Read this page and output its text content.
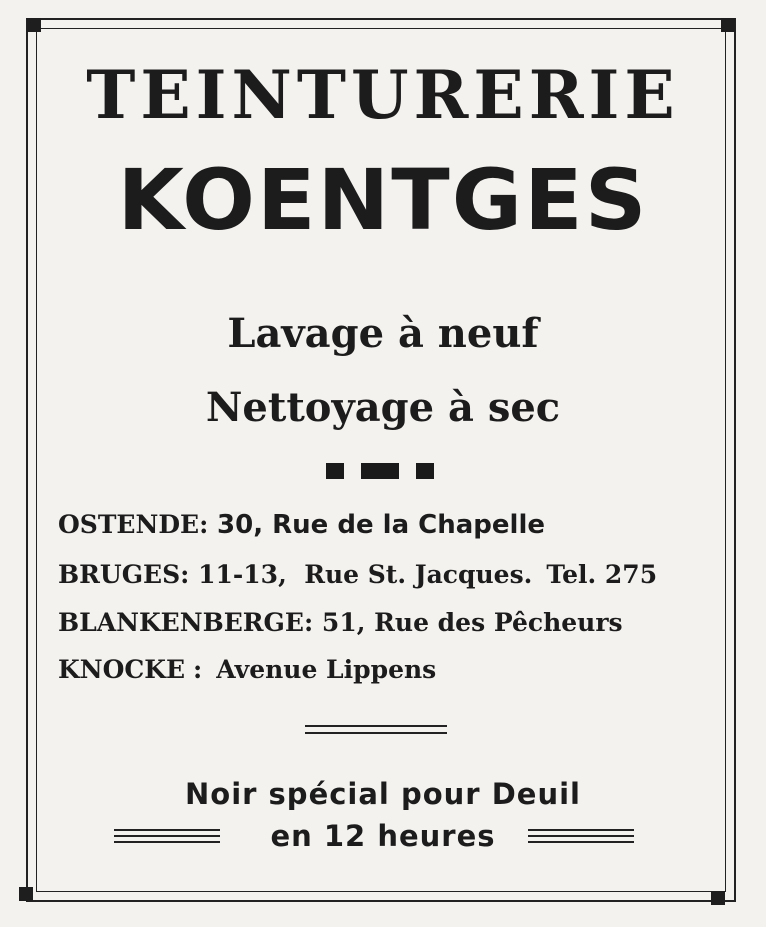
TEINTURERIE
KOENTGES
Lavage à neuf
Nettoyage à sec
OSTENDE: 30, Rue de la Chapelle
BRUGES: 11-13,  Rue St. Jacques. Tel. 275
BLANKENBERGE: 51, Rue des Pêcheurs
KNOCKE : Avenue Lippens
Noir spécial pour Deuil
en 12 heures
